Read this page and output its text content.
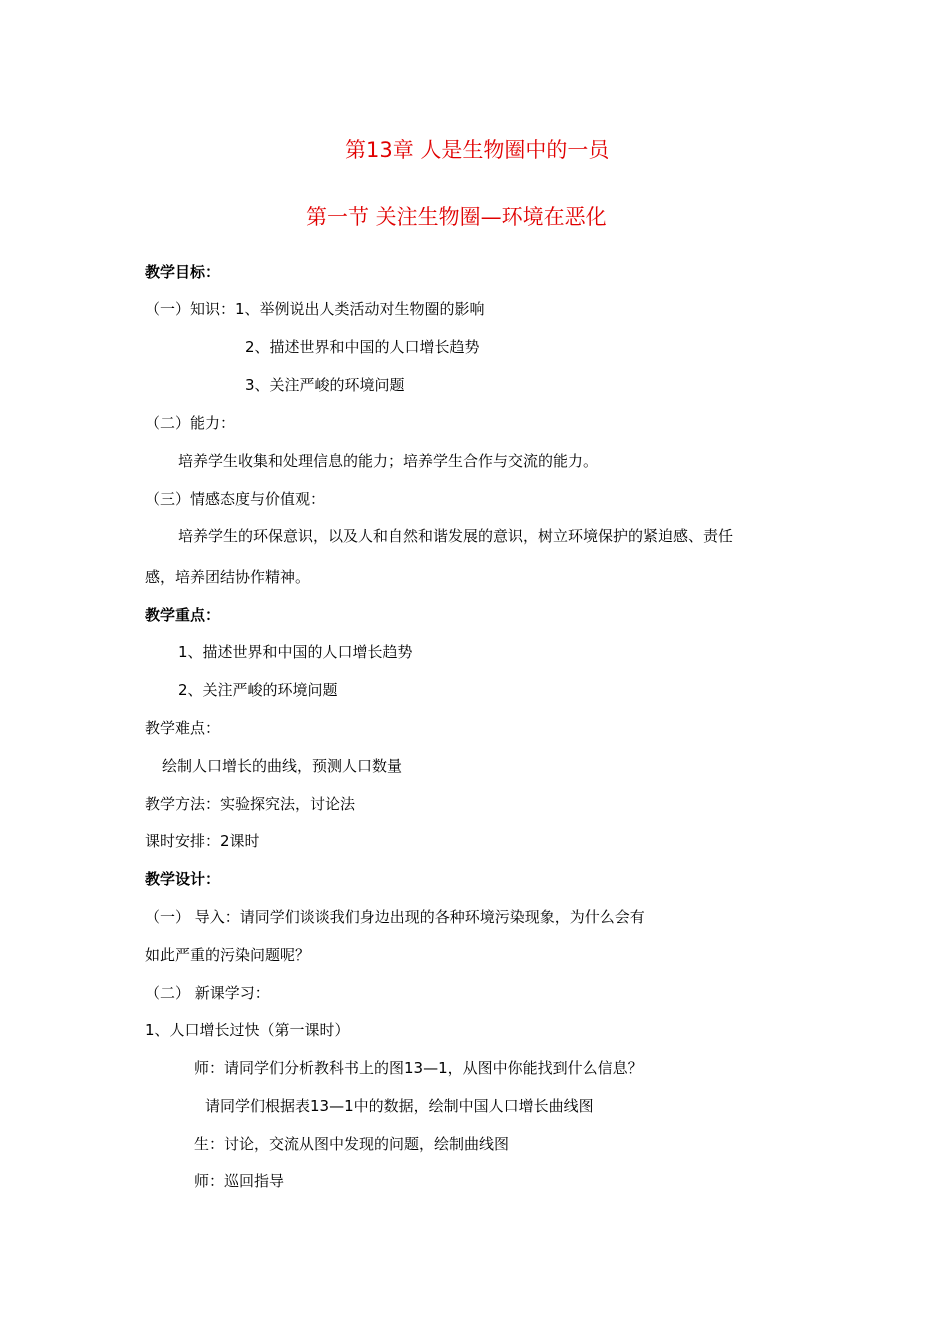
第13章 人是生物圈中的一员
第一节 关注生物圈—环境在恶化
教学目标：
（一）知识：1、举例说出人类活动对生物圈的影响
2、描述世界和中国的人口增长趋势
3、关注严峻的环境问题
（二）能力：
培养学生收集和处理信息的能力；培养学生合作与交流的能力。
（三）情感态度与价值观：
培养学生的环保意识，以及人和自然和谐发展的意识，树立环境保护的紧迫感、责任
感，培养团结协作精神。
教学重点：
1、描述世界和中国的人口增长趋势
2、关注严峻的环境问题
教学难点：
绘制人口增长的曲线，预测人口数量
教学方法：实验探究法，讨论法
课时安排：2课时
教学设计：
（一） 导入：请同学们谈谈我们身边出现的各种环境污染现象，为什么会有
如此严重的污染问题呢？
（二） 新课学习：
1、人口增长过快（第一课时）
师：请同学们分析教科书上的图13—1，从图中你能找到什么信息？
请同学们根据表13—1中的数据，绘制中国人口增长曲线图
生：讨论，交流从图中发现的问题，绘制曲线图
师：巡回指导
